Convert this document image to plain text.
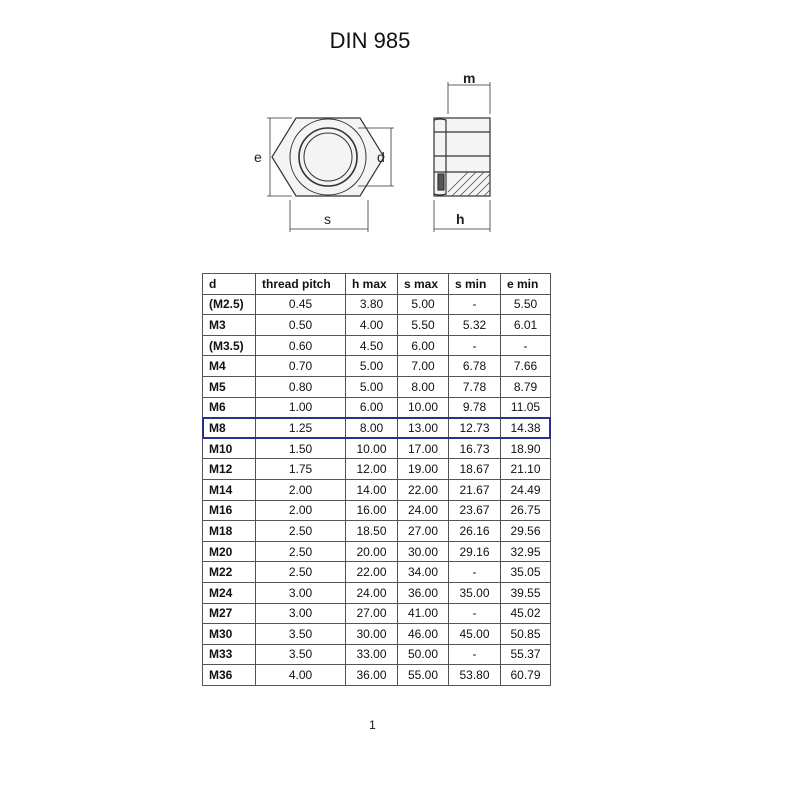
DIN 985
e	d
s
m
h
d	thread pitch	h max	s max	s min	e min
(M2.5)	0.45	3.80	5.00	-	5.50
M3	0.50	4.00	5.50	5.32	6.01
(M3.5)	0.60	4.50	6.00	-	-
M4	0.70	5.00	7.00	6.78	7.66
M5	0.80	5.00	8.00	7.78	8.79
M6	1.00	6.00	10.00	9.78	11.05
M8	1.25	8.00	13.00	12.73	14.38
M10	1.50	10.00	17.00	16.73	18.90
M12	1.75	12.00	19.00	18.67	21.10
M14	2.00	14.00	22.00	21.67	24.49
M16	2.00	16.00	24.00	23.67	26.75
M18	2.50	18.50	27.00	26.16	29.56
M20	2.50	20.00	30.00	29.16	32.95
M22	2.50	22.00	34.00	-	35.05
M24	3.00	24.00	36.00	35.00	39.55
M27	3.00	27.00	41.00	-	45.02
M30	3.50	30.00	46.00	45.00	50.85
M33	3.50	33.00	50.00	-	55.37
M36	4.00	36.00	55.00	53.80	60.79
1
